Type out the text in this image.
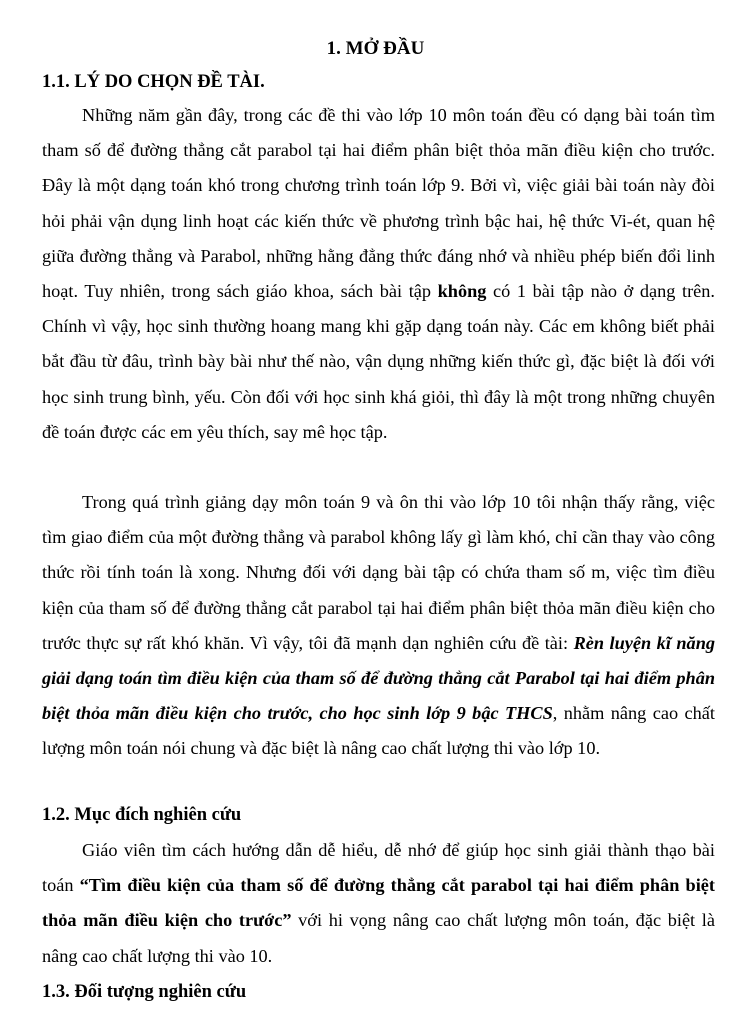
1. MỞ ĐẦU
1.1. LÝ DO CHỌN ĐỀ TÀI.

Những năm gần đây, trong các đề thi vào lớp 10 môn toán đều có dạng bài toán tìm tham số để đường thẳng cắt parabol tại hai điểm phân biệt thỏa mãn điều kiện cho trước. Đây là một dạng toán khó trong chương trình toán lớp 9. Bởi vì, việc giải bài toán này đòi hỏi phải vận dụng linh hoạt các kiến thức về phương trình bậc hai, hệ thức Vi-ét, quan hệ giữa đường thẳng và Parabol, những hằng đẳng thức đáng nhớ và nhiều phép biến đổi linh hoạt. Tuy nhiên, trong sách giáo khoa, sách bài tập không có 1 bài tập nào ở dạng trên. Chính vì vậy, học sinh thường hoang mang khi gặp dạng toán này. Các em không biết phải bắt đầu từ đâu, trình bày bài như thế nào, vận dụng những kiến thức gì, đặc biệt là đối với học sinh trung bình, yếu. Còn đối với học sinh khá giỏi, thì đây là một trong những chuyên đề toán được các em yêu thích, say mê học tập.

Trong quá trình giảng dạy môn toán 9 và ôn thi vào lớp 10 tôi nhận thấy rằng, việc tìm giao điểm của một đường thẳng và parabol không lấy gì làm khó, chỉ cần thay vào công thức rồi tính toán là xong. Nhưng đối với dạng bài tập có chứa tham số m, việc tìm điều kiện của tham số để đường thẳng cắt parabol tại hai điểm phân biệt thỏa mãn điều kiện cho trước thực sự rất khó khăn. Vì vậy, tôi đã mạnh dạn nghiên cứu đề tài: Rèn luyện kĩ năng giải dạng toán tìm điều kiện của tham số để đường thẳng cắt Parabol tại hai điểm phân biệt thỏa mãn điều kiện cho trước, cho học sinh lớp 9 bậc THCS, nhằm nâng cao chất lượng môn toán nói chung và đặc biệt là nâng cao chất lượng thi vào lớp 10.

1.2. Mục đích nghiên cứu

Giáo viên tìm cách hướng dẫn dễ hiểu, dễ nhớ để giúp học sinh giải thành thạo bài toán “Tìm điều kiện của tham số để đường thẳng cắt parabol tại hai điểm phân biệt thỏa mãn điều kiện cho trước” với hi vọng nâng cao chất lượng môn toán, đặc biệt là nâng cao chất lượng thi vào 10.

1.3. Đối tượng nghiên cứu
